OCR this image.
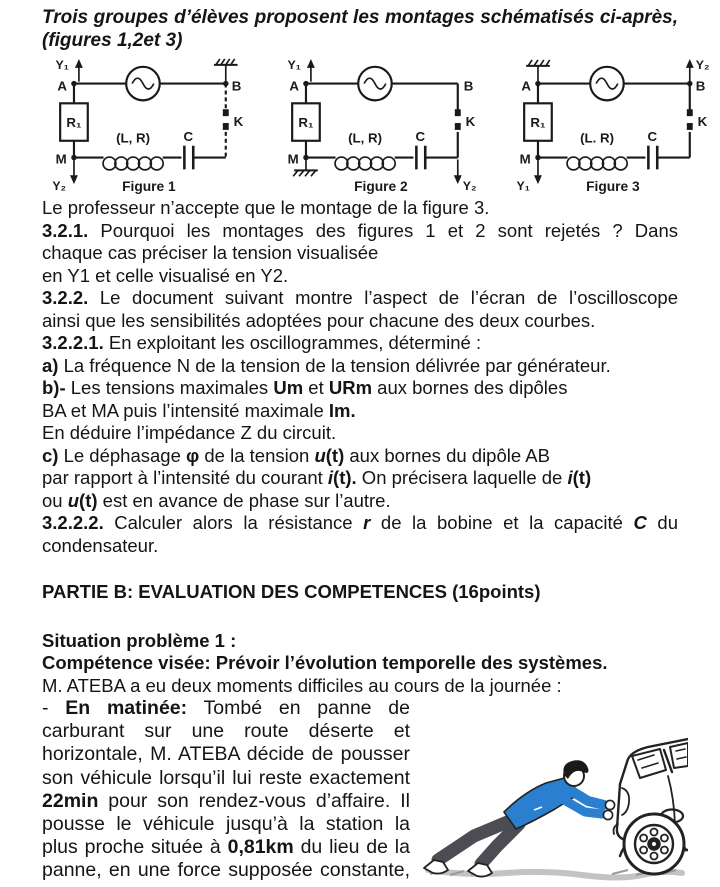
Trois groupes d’élèves proposent les montages schématisés ci-après,
(figures 1,2et 3)
R₁	K
(L, R) C
Y₁
Y₂
A	B
M
Figure 1
R₁	K
(L, R) C
Y₁
Y₂
A	B
M
Figure 2
R₁	K
(L. R) C
Y₂
Y₁
A	B
M
Figure 3
Le professeur n’accepte que le montage de la figure 3.
3.2.1. Pourquoi les montages des figures 1 et 2 sont rejetés ? Dans
chaque cas préciser la tension visualisée
en Y1 et celle visualisé en Y2.
3.2.2. Le document suivant montre l’aspect de l’écran de l’oscilloscope
ainsi que les sensibilités adoptées pour chacune des deux courbes.
3.2.2.1. En exploitant les oscillogrammes, déterminé :
a) La fréquence N de la tension de la tension délivrée par générateur.
b)- Les tensions maximales Um et URm aux bornes des dipôles
BA et MA puis l’intensité maximale Im.
En déduire l’impédance Z du circuit.
c) Le déphasage φ de la tension u(t) aux bornes du dipôle AB
par rapport à l’intensité du courant i(t). On précisera laquelle de i(t)
ou u(t) est en avance de phase sur l’autre.
3.2.2.2. Calculer alors la résistance r de la bobine et la capacité C du
condensateur.
PARTIE B: EVALUATION DES COMPETENCES (16points)
Situation problème 1 :
Compétence visée: Prévoir l’évolution temporelle des systèmes.
M. ATEBA a eu deux moments difficiles au cours de la journée :
- En matinée: Tombé en panne de
carburant sur une route déserte et
horizontale, M. ATEBA décide de pousser
son véhicule lorsqu’il lui reste exactement
22min pour son rendez-vous d’affaire. Il
pousse le véhicule jusqu’à la station la
plus proche située à 0,81km du lieu de la
panne, en une force supposée constante,
